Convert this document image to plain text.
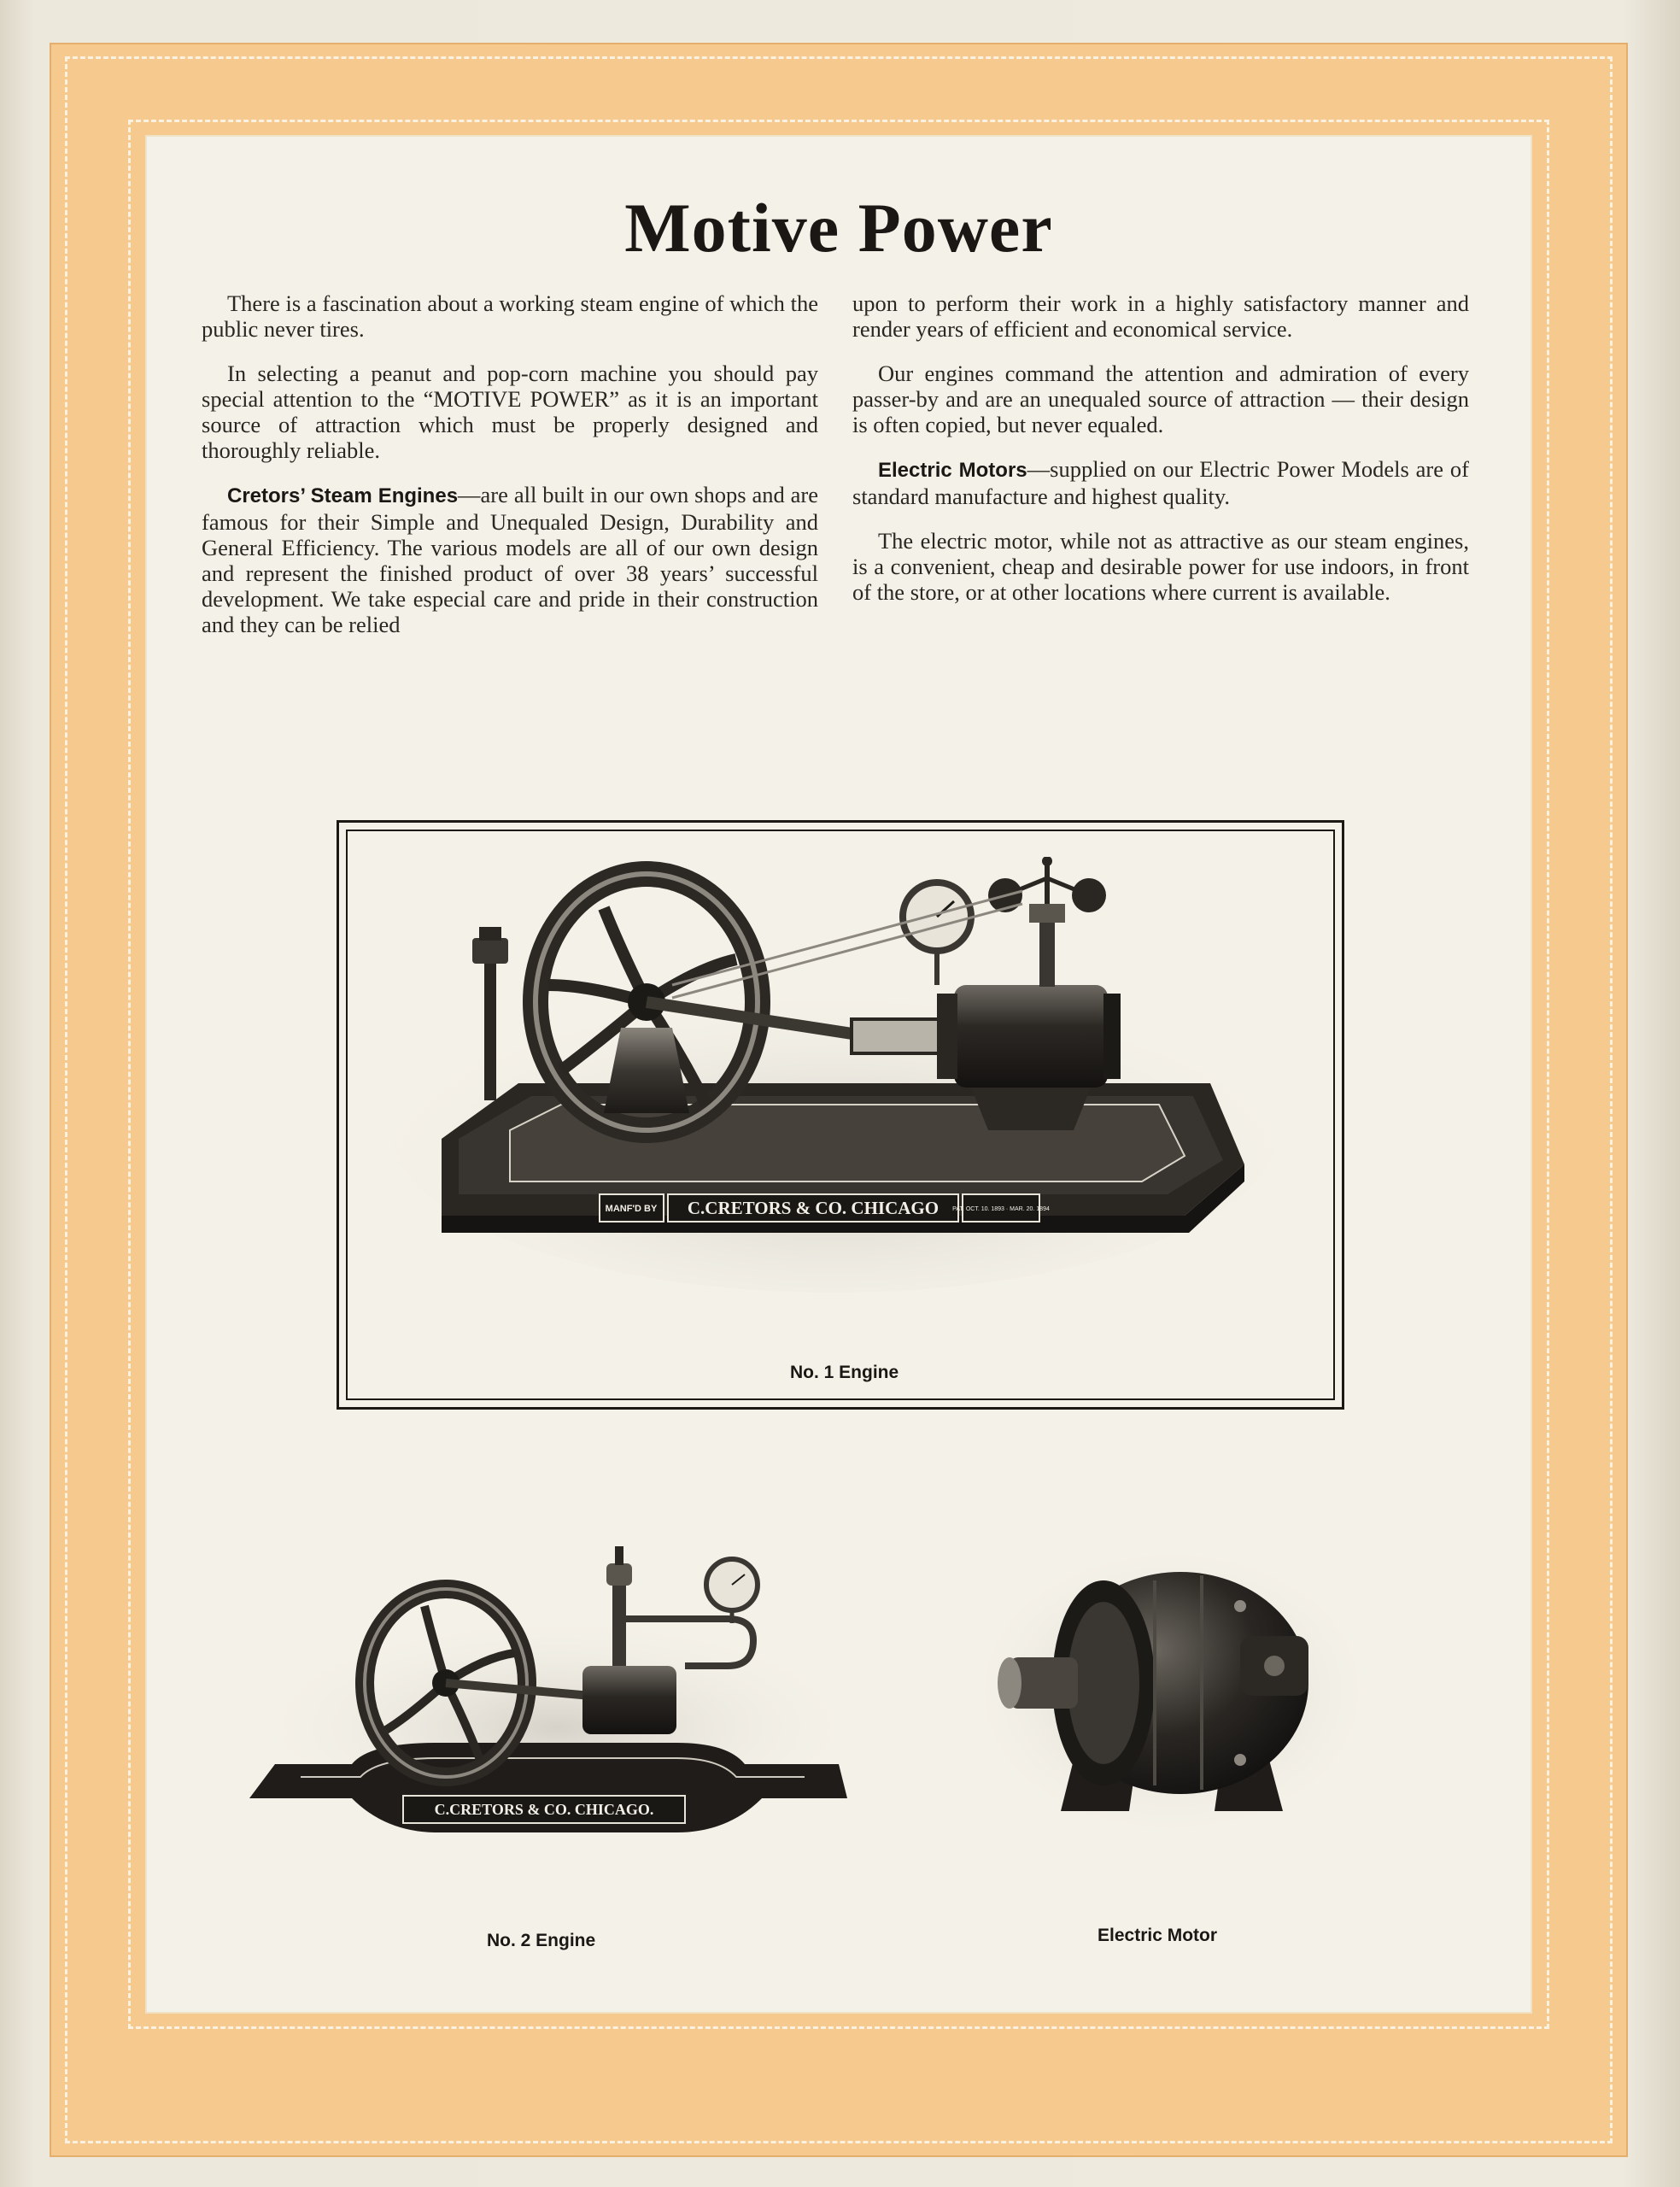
Motive Power

There is a fascination about a working steam engine of which the public never tires.

In selecting a peanut and pop-corn machine you should pay special attention to the “MOTIVE POWER” as it is an important source of attraction which must be properly designed and thoroughly reliable.

Cretors’ Steam Engines—are all built in our own shops and are famous for their Simple and Unequaled Design, Durability and General Efficiency. The various models are all of our own design and represent the finished product of over 38 years’ successful development. We take especial care and pride in their construction and they can be relied

upon to perform their work in a highly satisfactory manner and render years of efficient and economical service.

Our engines command the attention and admiration of every passer-by and are an unequaled source of attraction — their design is often copied, but never equaled.

Electric Motors—supplied on our Electric Power Models are of standard manufacture and highest quality.

The electric motor, while not as attractive as our steam engines, is a convenient, cheap and desirable power for use indoors, in front of the store, or at other locations where current is available.

MANF'D BY C.CRETORS & CO. CHICAGO PAT. OCT. 10. 1893 · MAR. 20. 1894
No. 1 Engine
C.CRETORS & CO. CHICAGO.
No. 2 Engine	Electric Motor
